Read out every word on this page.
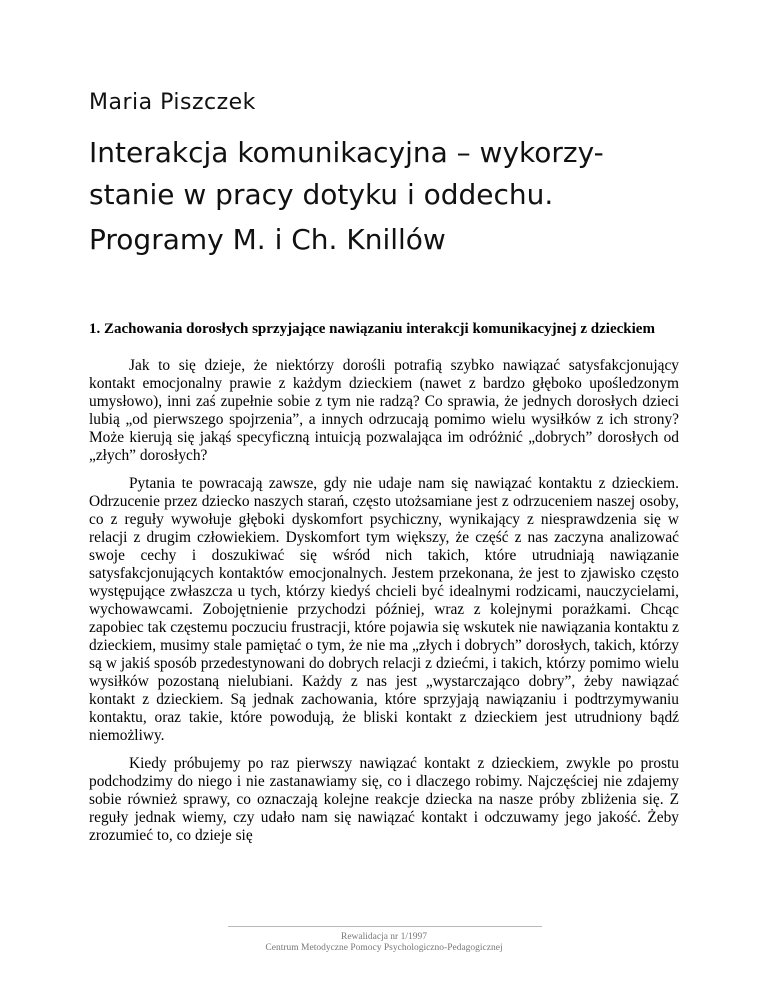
Maria Piszczek
Interakcja komunikacyjna – wykorzy-
stanie w pracy dotyku i oddechu.
Programy M. i Ch. Knillów
1. Zachowania dorosłych sprzyjające nawiązaniu interakcji komunikacyjnej z dzieckiem

Jak to się dzieje, że niektórzy dorośli potrafią szybko nawiązać satysfakcjonujący kontakt emocjonalny prawie z każdym dzieckiem (nawet z bardzo głęboko upośledzonym umysłowo), inni zaś zupełnie sobie z tym nie radzą? Co sprawia, że jednych dorosłych dzieci lubią „od pierwszego spojrzenia”, a innych odrzucają pomimo wielu wysiłków z ich strony? Może kierują się jakąś specyficzną intuicją pozwalająca im odróżnić „dobrych” dorosłych od „złych” dorosłych?

Pytania te powracają zawsze, gdy nie udaje nam się nawiązać kontaktu z dzieckiem. Odrzucenie przez dziecko naszych starań, często utożsamiane jest z odrzuceniem naszej osoby, co z reguły wywołuje głęboki dyskomfort psychiczny, wynikający z niesprawdzenia się w relacji z drugim człowiekiem. Dyskomfort tym większy, że część z nas zaczyna analizować swoje cechy i doszukiwać się wśród nich takich, które utrudniają nawiązanie satysfakcjonujących kontaktów emocjonalnych. Jestem przekonana, że jest to zjawisko często występujące zwłaszcza u tych, którzy kiedyś chcieli być idealnymi rodzicami, nauczycielami, wychowawcami. Zobojętnienie przychodzi później, wraz z kolejnymi porażkami. Chcąc zapobiec tak częstemu poczuciu frustracji, które pojawia się wskutek nie nawiązania kontaktu z dzieckiem, musimy stale pamiętać o tym, że nie ma „złych i dobrych” dorosłych, takich, którzy są w jakiś sposób przedestynowani do dobrych relacji z dziećmi, i takich, którzy pomimo wielu wysiłków pozostaną nielubiani. Każdy z nas jest „wystarczająco dobry”, żeby nawiązać kontakt z dzieckiem. Są jednak zachowania, które sprzyjają nawiązaniu i podtrzymywaniu kontaktu, oraz takie, które powodują, że bliski kontakt z dzieckiem jest utrudniony bądź niemożliwy.

Kiedy próbujemy po raz pierwszy nawiązać kontakt z dzieckiem, zwykle po prostu podchodzimy do niego i nie zastanawiamy się, co i dlaczego robimy. Najczęściej nie zdajemy sobie również sprawy, co oznaczają kolejne reakcje dziecka na nasze próby zbliżenia się. Z reguły jednak wiemy, czy udało nam się nawiązać kontakt i odczuwamy jego jakość. Żeby zrozumieć to, co dzieje się

Rewalidacja nr 1/1997
Centrum Metodyczne Pomocy Psychologiczno-Pedagogicznej
